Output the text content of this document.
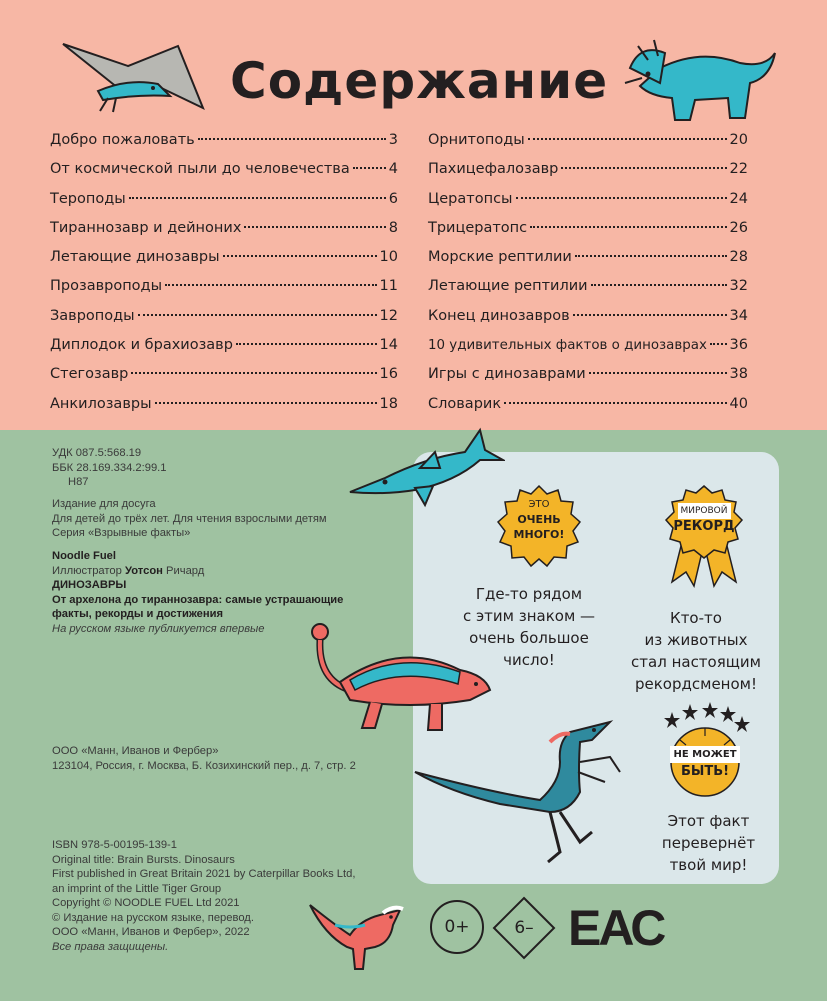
Содержание
Добро пожаловать	3
От космической пыли до человечества	4
Тероподы	6
Тираннозавр и дейноних	8
Летающие динозавры	10
Прозавроподы	11
Завроподы	12
Диплодок и брахиозавр	14
Стегозавр	16
Анкилозавры	18
Орнитоподы	20
Пахицефалозавр	22
Цератопсы	24
Трицератопс	26
Морские рептилии	28
Летающие рептилии	32
Конец динозавров	34
10 удивительных фактов о динозаврах 36
Игры с динозаврами	38
Словарик	40
УДК 087.5:568.19
ББК 28.169.334.2:99.1
Н87
Издание для досуга
Для детей до трёх лет. Для чтения взрослыми детям
Серия «Взрывные факты»
Noodle Fuel
Иллюстратор Уотсон Ричард
ДИНОЗАВРЫ
От архелона до тираннозавра: самые устрашающие
факты, рекорды и достижения
На русском языке публикуется впервые
ООО «Манн, Иванов и Фербер»
123104, Россия, г. Москва, Б. Козихинский пер., д. 7, стр. 2
ISBN 978-5-00195-139-1
Original title: Brain Bursts. Dinosaurs
First published in Great Britain 2021 by Caterpillar Books Ltd,
an imprint of the Little Tiger Group
Copyright © NOODLE FUEL Ltd 2021
© Издание на русском языке, перевод.
ООО «Манн, Иванов и Фербер», 2022
Все права защищены.
ЭТО
ОЧЕНЬ
МНОГО!
МИРОВОЙ
РЕКОРД
НЕ МОЖЕТ
БЫТЬ!
Где-то рядом
с этим знаком —
очень большое
число!
Кто-то
из животных
стал настоящим
рекордсменом!
Этот факт
перевернёт
твой мир!
0+	6– ЕАС
